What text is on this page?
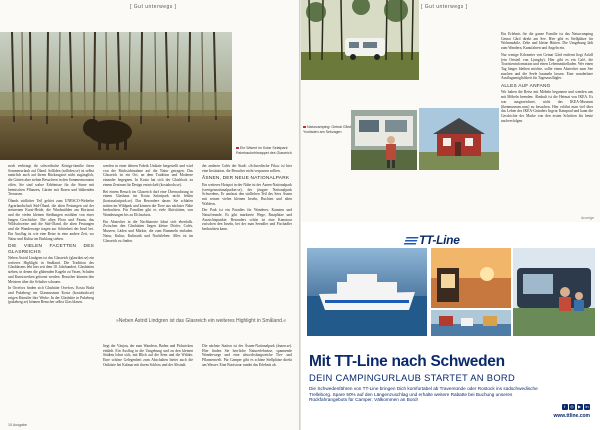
[ Gut unterwegs ]
Ein Wisent im Kolar Selatpark
Palmbaukehlmappet des Glasreich

noch verbringt ihr schwedische Königs-familie ihren Sommerurlaub auf Öland. Solliden (solliden.se) ist selbst natürlich auch auf ihrem Rückzugsort nicht zugänglich, die Gärten aber stehen Besuchern in den Sommermonaten offen. Sie sind wahre Erlebnisse für die Sinne mit heimischen Pflanzen, Gärten mit Rosen und blühenden Terrassen.

Ölands südlicher Teil gehört zum UNESCO-Welterbe Agrarlandschaft Süd-Öland, die alten Festungen auf der steinernen Karst-Heide, die Windmühlen am Horizont und die vielen kleinen Siedlungen erzählen von einer langen Geschichte. Die alten Flora und Fauna, das Wildschweine und die Süd-Öland, die alten Festungen und die Wanderwege tragen zur Schönheit der Insel bei. Ein Ausflug ist wie eine Reise in eine andere Zeit, wo Natur und Kultur im Einklang stehen.

DIE VIELEN FACETTEN DES GLASREICHS

Neben Astrid Lindgren ist das Glasreich (glasriket.se) ein weiteres Highlight in Småland. Die Tradition des Glasblasens lebt hier seit dem 18. Jahrhundert. Glashütten stehen, in denen die glühenden Kugeln zu Vasen, Schalen und Kunstwerken geformt werden. Besucher können den Meistern über die Schulter schauen.

In Orrefors finden sich Glashütte Orrefors, Kosta Boda und Pukeberg; im Glasmuseum Kosta (kostaboda.se) zeigen Künstler ihre Werke. In der Glashütte in Pukeberg (pukeberg.se) können Besucher selbst Glas blasen.

werden in einer älteren Fabrik Unikate hergestellt und wird von der Rücksichtnahme auf die Natur getragen. Das Glasreich ist ein Ort, an dem Tradition und Moderne einander begegnen. In Kosta hat sich der Glasblock zu einem Zentrum für Design entwickelt (kostaboda.se).

Bei einem Besuch im Glasreich darf eine Übernachtung in einem Glashaus im Kosta Safaripark nicht fehlen (kostasafaripark.se). Das Besondere daran: Sie schlafen mitten im Wildpark und können die Tiere aus nächster Nähe beobachten. Für Familien gibt es viele Aktivitäten, von Wanderungen bis zu Elchsafaris.

Ein Abstecher in die Nachbarorte lohnt sich ebenfalls. Zwischen den Glashütten liegen kleine Dörfer, Cafés, Museen, Läden und Märkte, die zum Bummeln einladen. Natur, Kultur, Kulinarik und Nachtleben: Alles ist im Glasreich zu finden.

der anderen Cafés der Stadt. »Schwedische Fika« ist hier eine Institution, die Besucher nicht verpassen sollten.

ÅSNEN, DER NEUE NATIONALPARK

Ein weiteres Hotspot in der Nähe ist der Åsnen-Nationalpark (sverigesnationalparker.se), der jüngste Nationalpark Schwedens. Er umfasst den südlichen Teil des Sees Åsnen mit seinen vielen kleinen Inseln, Buchten und alten Wäldern.

Der Park ist ein Paradies für Wanderer, Kanuten und Naturfreunde. Es gibt markierte Wege, Rastplätze und Aussichtspunkte. Besonders schön ist eine Kanutour zwischen den Inseln, bei der man Seeadler und Fischadler beobachten kann.

»Neben Astrid Lindgren ist das Glasreich ein weiteres Highlight in Småland.«

liegt der Vänjan, der zum Wandern, Baden und Picknicken einlädt. Ein Ausflug in die Umgebung und zu den kleinen Städten lohnt sich, mit Blick auf die Seen und die Wälder. Eine schöne Gelegenheit zum Abschalten bietet auch die Ostküste bei Kalmar mit ihrem Schloss und der Altstadt.

Die nächste Station ist der Åsnen-Nationalpark (åsnen.se). Hier finden Sie herrliche Naturerlebnisse, spannende Wanderwege und eine abwechslungsreiche Tier- und Pflanzenwelt. Für Camper gibt es schöne Stellplätze direkt am Wasser. Eine Bootstour rundet das Erlebnis ab.

10 Ausgabe
[ Gut unterwegs ]
Naturcamping: Getnai Gård
Yvolladen am Sekvagen

Ein Erlebnis für die ganze Familie ist das Naturcamping Getnai Gård direkt am See. Hier gibt es Stellplätze für Wohnmobile, Zelte und kleine Hütten. Die Umgebung lädt zum Wandern, Kanufahren und Angeln ein.

Nur wenige Kilometer von Getnai Gård entfernt liegt Asfall (ein Ortsteil von Ljungby). Hier gibt es ein Café, die Touristeninformation und einen Lebensmittelladen. Wer einen Tag länger bleiben möchte, sollte einen Abstecher zum See machen und die Seele baumeln lassen. Eine wunderbare Ausflugsmöglichkeit für Tagesausflügler.

ALLES AUF ANFANG

Wir haben die Reise mit Möbeln begonnen und wenden uns mit Möbeln beenden: Älmhult ist die Heimat von IKEA. Es war ausgezeichnet, nicht das IKEA-Museum (ikeamuseum.com) zu besuchen. Hier erfährt man viel über das Leben des IKEA-Gründers Ingvar Kamprad und kann die Geschichte der Marke von den ersten Schritten bis heute nachverfolgen.

Anzeige
TT-Line
Mit TT-Line nach Schweden
DEIN CAMPINGURLAUB STARTET AN BORD
Die Schwedenfähren von TT-Line bringen Dich komfortabel ab Travemünde oder Rostock ins südschwedische Trelleborg. Spare 50% auf den Längenzuschlag und erhalte weitere Rabatte bei Buchung unseres Rückfahrangebots für Camper. Välkommen an Bord!
f	◎	▶	in
www.ttline.com
